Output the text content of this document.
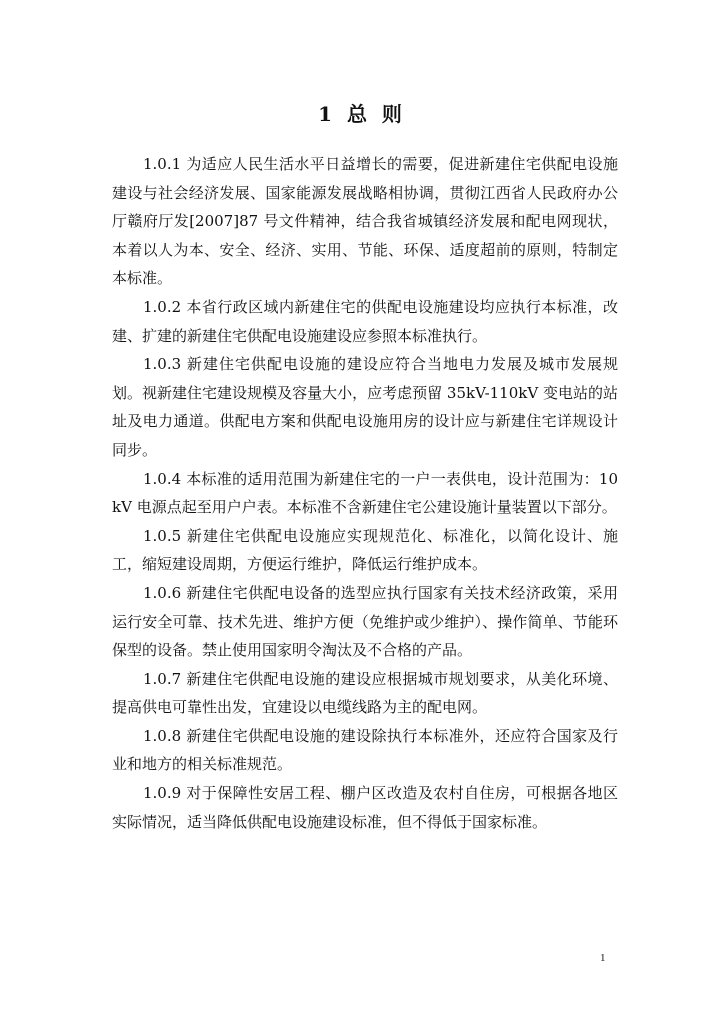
1 总 则

1.0.1 为适应人民生活水平日益增长的需要，促进新建住宅供配电设施建设与社会经济发展、国家能源发展战略相协调，贯彻江西省人民政府办公厅赣府厅发[2007]87 号文件精神，结合我省城镇经济发展和配电网现状，本着以人为本、安全、经济、实用、节能、环保、适度超前的原则，特制定本标准。

1.0.2 本省行政区域内新建住宅的供配电设施建设均应执行本标准，改建、扩建的新建住宅供配电设施建设应参照本标准执行。

1.0.3 新建住宅供配电设施的建设应符合当地电力发展及城市发展规划。视新建住宅建设规模及容量大小，应考虑预留 35kV-110kV 变电站的站址及电力通道。供配电方案和供配电设施用房的设计应与新建住宅详规设计同步。

1.0.4 本标准的适用范围为新建住宅的一户一表供电，设计范围为：10kV 电源点起至用户户表。本标准不含新建住宅公建设施计量装置以下部分。

1.0.5 新建住宅供配电设施应实现规范化、标准化，以简化设计、施工，缩短建设周期，方便运行维护，降低运行维护成本。

1.0.6 新建住宅供配电设备的选型应执行国家有关技术经济政策，采用运行安全可靠、技术先进、维护方便（免维护或少维护）、操作简单、节能环保型的设备。禁止使用国家明令淘汰及不合格的产品。

1.0.7 新建住宅供配电设施的建设应根据城市规划要求，从美化环境、提高供电可靠性出发，宜建设以电缆线路为主的配电网。

1.0.8 新建住宅供配电设施的建设除执行本标准外，还应符合国家及行业和地方的相关标准规范。

1.0.9 对于保障性安居工程、棚户区改造及农村自住房，可根据各地区实际情况，适当降低供配电设施建设标准，但不得低于国家标准。

1
